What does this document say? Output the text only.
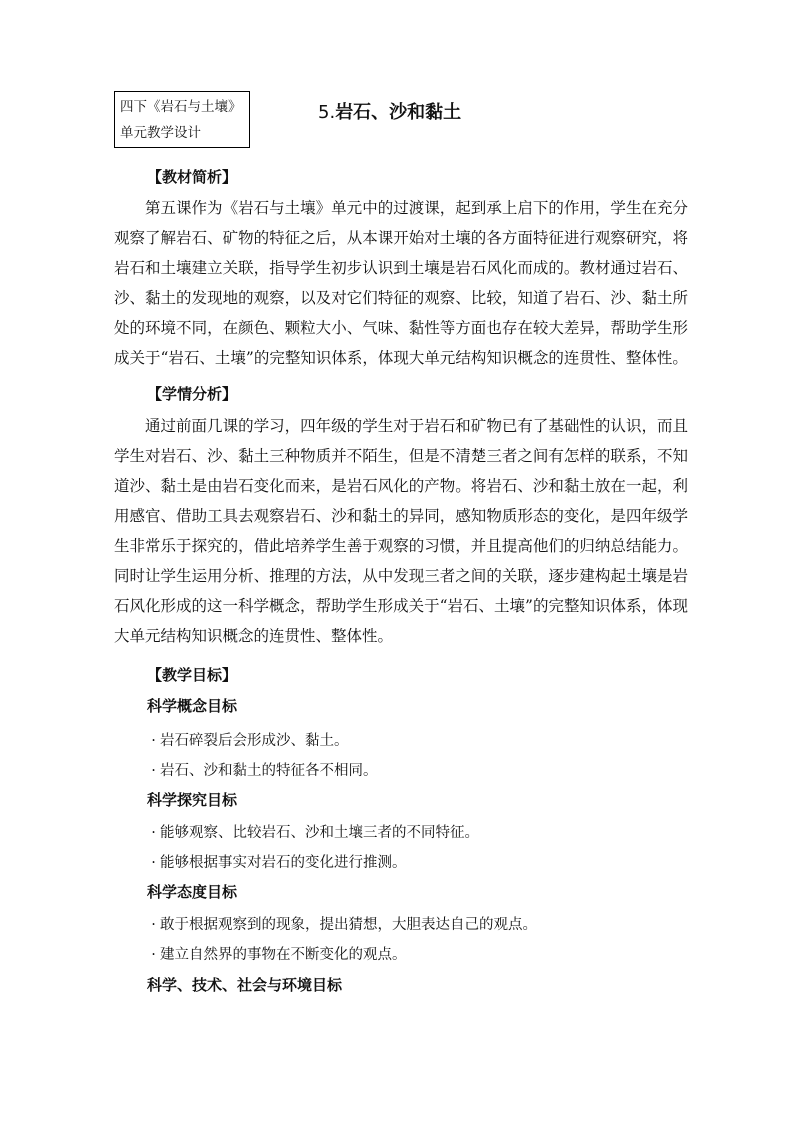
四下《岩石与土壤》
单元教学设计
5.岩石、沙和黏土
【教材简析】
第五课作为《岩石与土壤》单元中的过渡课，起到承上启下的作用，学生在充分观察了解岩石、矿物的特征之后，从本课开始对土壤的各方面特征进行观察研究，将岩石和土壤建立关联，指导学生初步认识到土壤是岩石风化而成的。教材通过岩石、沙、黏土的发现地的观察，以及对它们特征的观察、比较，知道了岩石、沙、黏土所处的环境不同，在颜色、颗粒大小、气味、黏性等方面也存在较大差异，帮助学生形成关于“岩石、土壤”的完整知识体系，体现大单元结构知识概念的连贯性、整体性。
【学情分析】
通过前面几课的学习，四年级的学生对于岩石和矿物已有了基础性的认识，而且学生对岩石、沙、黏土三种物质并不陌生，但是不清楚三者之间有怎样的联系，不知道沙、黏土是由岩石变化而来，是岩石风化的产物。将岩石、沙和黏土放在一起，利用感官、借助工具去观察岩石、沙和黏土的异同，感知物质形态的变化，是四年级学生非常乐于探究的，借此培养学生善于观察的习惯，并且提高他们的归纳总结能力。同时让学生运用分析、推理的方法，从中发现三者之间的关联，逐步建构起土壤是岩石风化形成的这一科学概念，帮助学生形成关于“岩石、土壤”的完整知识体系，体现大单元结构知识概念的连贯性、整体性。
【教学目标】
科学概念目标
· 岩石碎裂后会形成沙、黏土。
· 岩石、沙和黏土的特征各不相同。
科学探究目标
· 能够观察、比较岩石、沙和土壤三者的不同特征。
· 能够根据事实对岩石的变化进行推测。
科学态度目标
· 敢于根据观察到的现象，提出猜想，大胆表达自己的观点。
· 建立自然界的事物在不断变化的观点。
科学、技术、社会与环境目标
